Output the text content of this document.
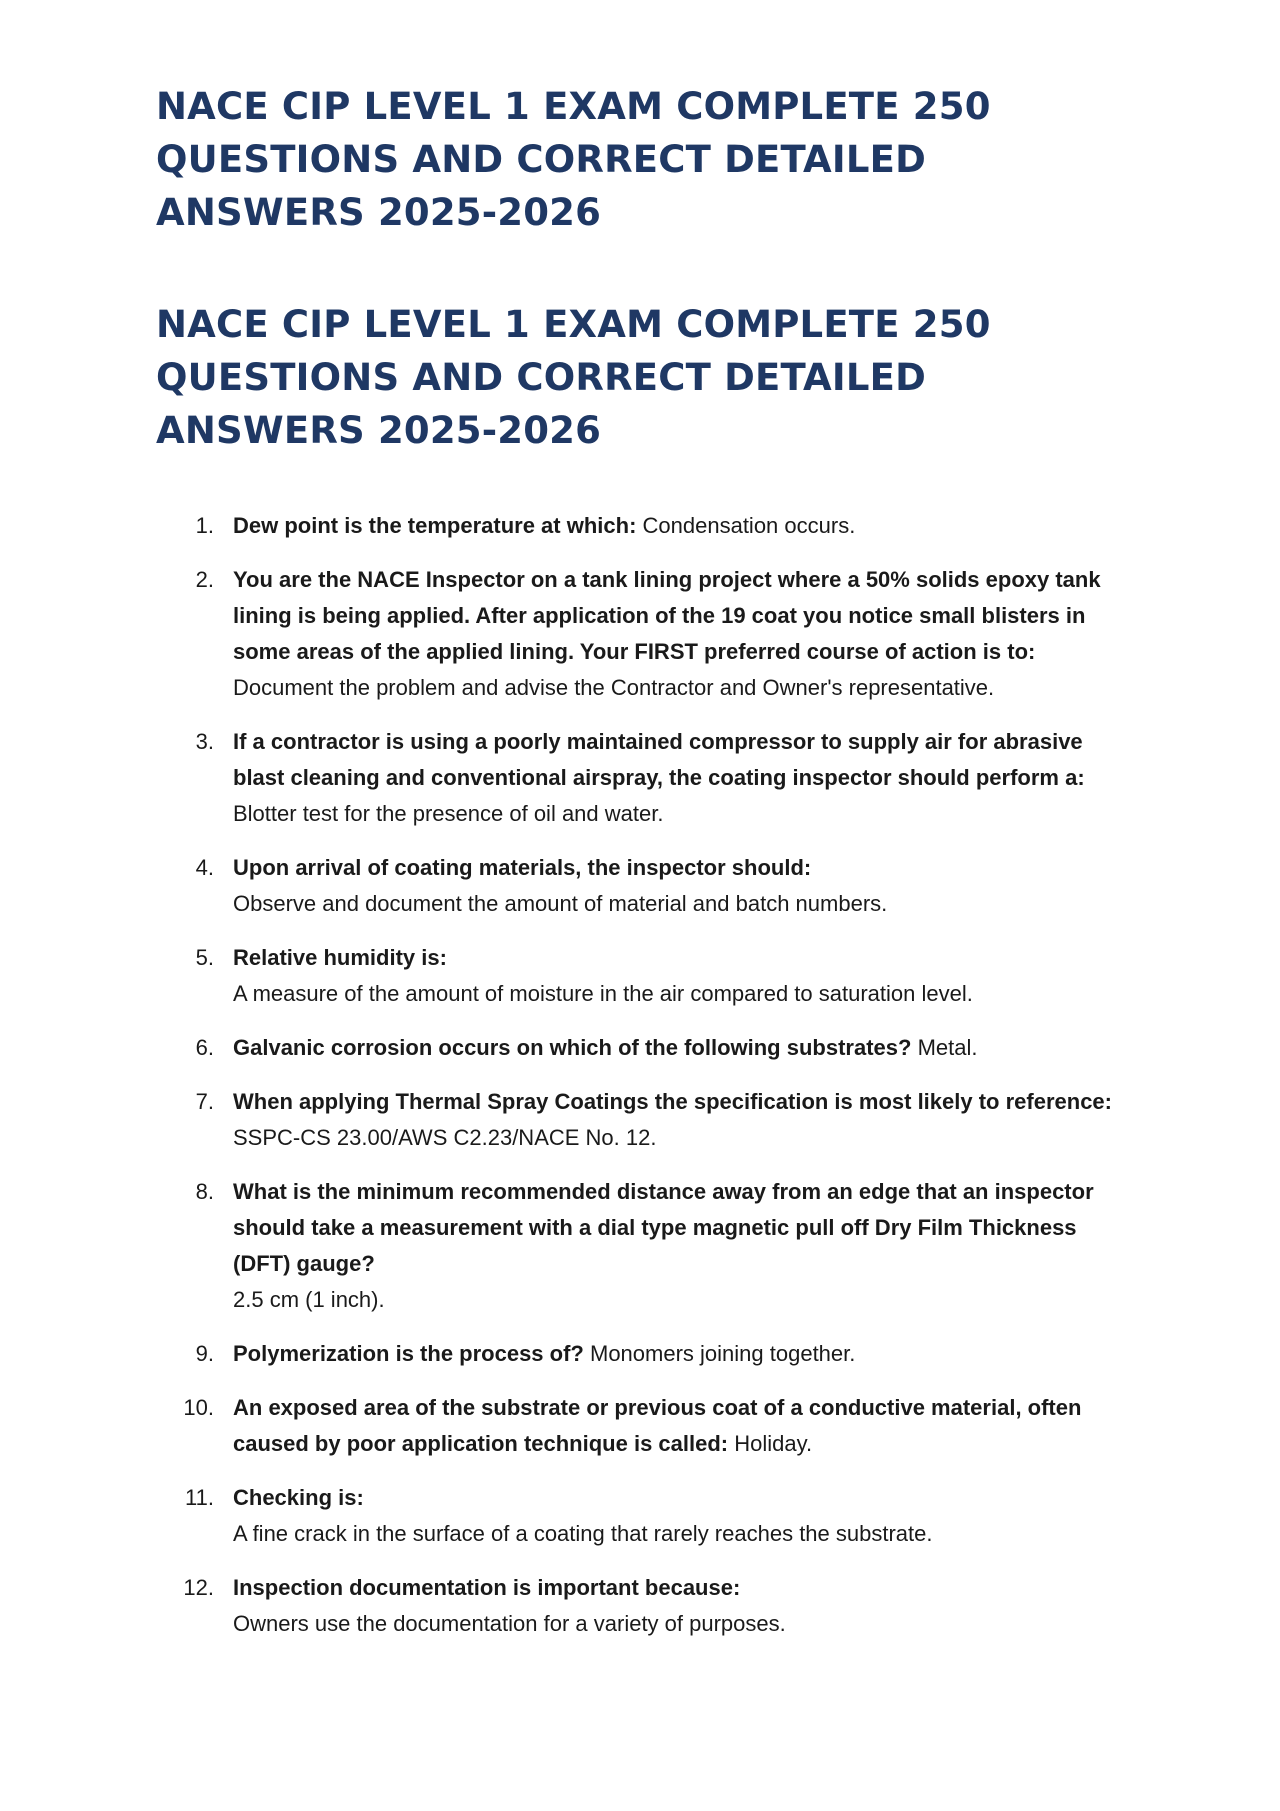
NACE CIP LEVEL 1 EXAM COMPLETE 250 QUESTIONS AND CORRECT DETAILED ANSWERS 2025-2026
NACE CIP LEVEL 1 EXAM COMPLETE 250 QUESTIONS AND CORRECT DETAILED ANSWERS 2025-2026
1. Dew point is the temperature at which: Condensation occurs.
2. You are the NACE Inspector on a tank lining project where a 50% solids epoxy tank lining is being applied. After application of the 19 coat you notice small blisters in some areas of the applied lining. Your FIRST preferred course of action is to:
Document the problem and advise the Contractor and Owner's representative.
3. If a contractor is using a poorly maintained compressor to supply air for abrasive blast cleaning and conventional airspray, the coating inspector should perform a:
Blotter test for the presence of oil and water.
4. Upon arrival of coating materials, the inspector should:
Observe and document the amount of material and batch numbers.
5. Relative humidity is:
A measure of the amount of moisture in the air compared to saturation level.
6. Galvanic corrosion occurs on which of the following substrates? Metal.
7. When applying Thermal Spray Coatings the specification is most likely to reference:
SSPC-CS 23.00/AWS C2.23/NACE No. 12.
8. What is the minimum recommended distance away from an edge that an inspector should take a measurement with a dial type magnetic pull off Dry Film Thickness (DFT) gauge?
2.5 cm (1 inch).
9. Polymerization is the process of? Monomers joining together.
10. An exposed area of the substrate or previous coat of a conductive material, often caused by poor application technique is called: Holiday.
11. Checking is:
A fine crack in the surface of a coating that rarely reaches the substrate.
12. Inspection documentation is important because:
Owners use the documentation for a variety of purposes.
